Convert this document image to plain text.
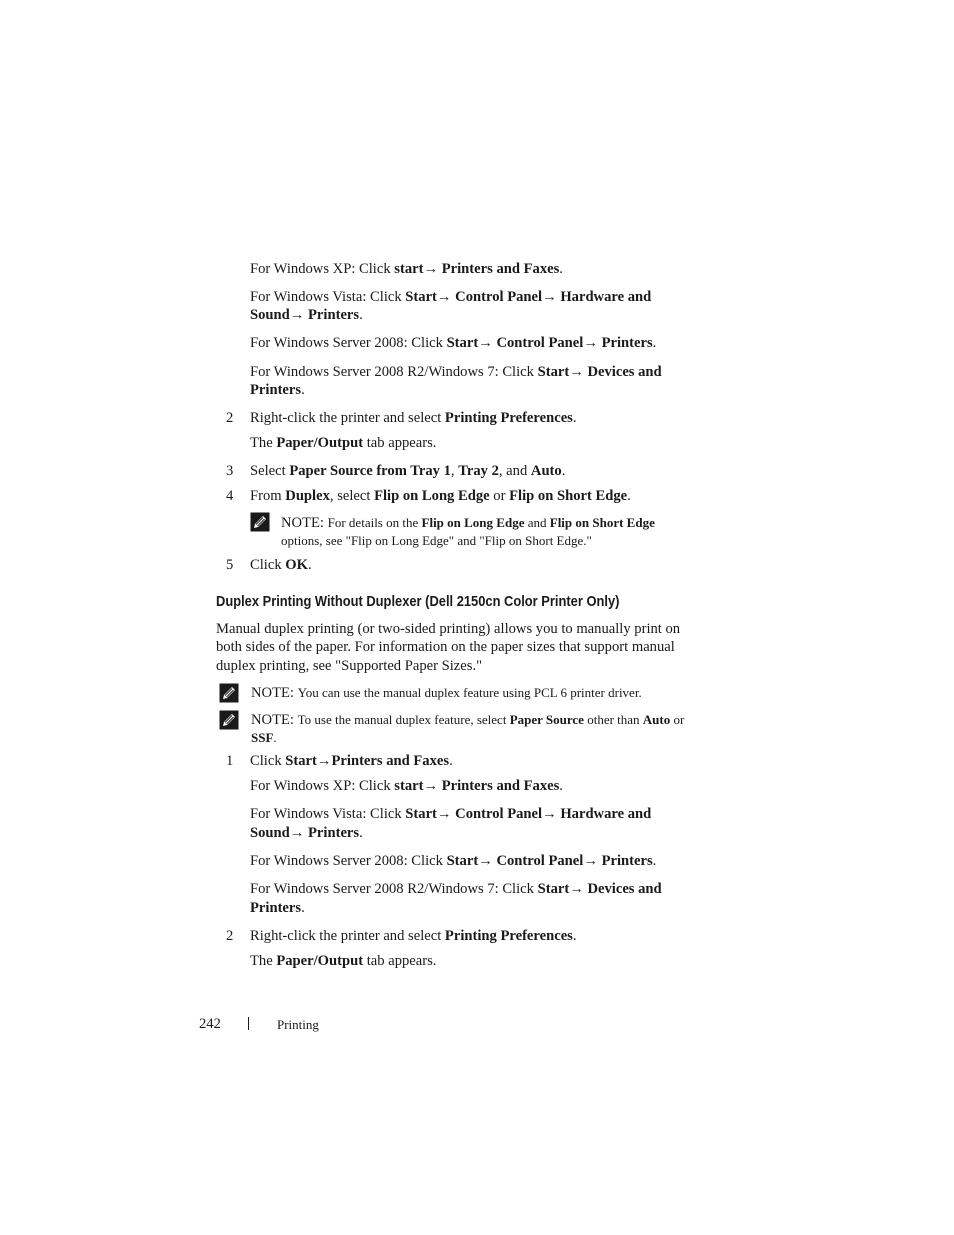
For Windows XP: Click start→ Printers and Faxes.
For Windows Vista: Click Start→ Control Panel→ Hardware and
Sound→ Printers.
For Windows Server 2008: Click Start→ Control Panel→ Printers.
For Windows Server 2008 R2/Windows 7: Click Start→ Devices and
Printers.
2 Right-click the printer and select Printing Preferences.
The Paper/Output tab appears.
3 Select Paper Source from Tray 1, Tray 2, and Auto.
4 From Duplex, select Flip on Long Edge or Flip on Short Edge.
NOTE: For details on the Flip on Long Edge and Flip on Short Edge
options, see "Flip on Long Edge" and "Flip on Short Edge."
5 Click OK.
Duplex Printing Without Duplexer (Dell 2150cn Color Printer Only)
Manual duplex printing (or two-sided printing) allows you to manually print on
both sides of the paper. For information on the paper sizes that support manual
duplex printing, see "Supported Paper Sizes."
NOTE: You can use the manual duplex feature using PCL 6 printer driver.
NOTE: To use the manual duplex feature, select Paper Source other than Auto or
SSF.
1 Click Start→Printers and Faxes.
For Windows XP: Click start→ Printers and Faxes.
For Windows Vista: Click Start→ Control Panel→ Hardware and
Sound→ Printers.
For Windows Server 2008: Click Start→ Control Panel→ Printers.
For Windows Server 2008 R2/Windows 7: Click Start→ Devices and
Printers.
2 Right-click the printer and select Printing Preferences.
The Paper/Output tab appears.
242	Printing
